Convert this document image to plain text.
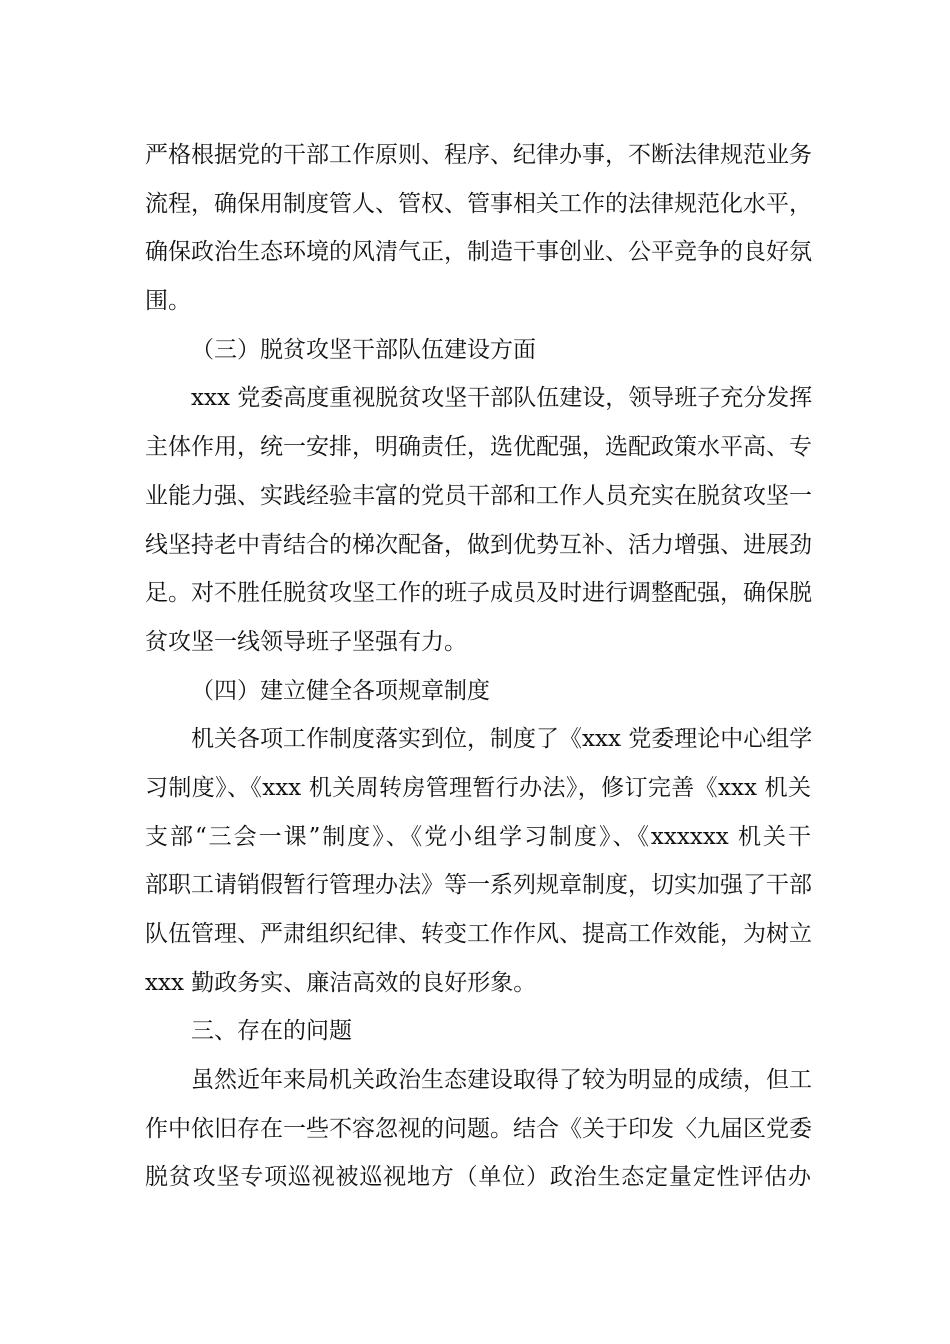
严格根据党的干部工作原则、程序、纪律办事，不断法律规范业务
流程，确保用制度管人、管权、管事相关工作的法律规范化水平，
确保政治生态环境的风清气正，制造干事创业、公平竞争的良好氛
围。
（三）脱贫攻坚干部队伍建设方面
xxx 党委高度重视脱贫攻坚干部队伍建设，领导班子充分发挥
主体作用，统一安排，明确责任，选优配强，选配政策水平高、专
业能力强、实践经验丰富的党员干部和工作人员充实在脱贫攻坚一
线坚持老中青结合的梯次配备，做到优势互补、活力增强、进展劲
足。对不胜任脱贫攻坚工作的班子成员及时进行调整配强，确保脱
贫攻坚一线领导班子坚强有力。
（四）建立健全各项规章制度
机关各项工作制度落实到位，制度了《xxx 党委理论中心组学
习制度》、《xxx 机关周转房管理暂行办法》，修订完善《xxx 机关
支部“三会一课”制度》、《党小组学习制度》、《xxxxxx 机关干
部职工请销假暂行管理办法》等一系列规章制度，切实加强了干部
队伍管理、严肃组织纪律、转变工作作风、提高工作效能，为树立
xxx 勤政务实、廉洁高效的良好形象。
三、存在的问题
虽然近年来局机关政治生态建设取得了较为明显的成绩，但工
作中依旧存在一些不容忽视的问题。结合《关于印发〈九届区党委
脱贫攻坚专项巡视被巡视地方（单位）政治生态定量定性评估办
